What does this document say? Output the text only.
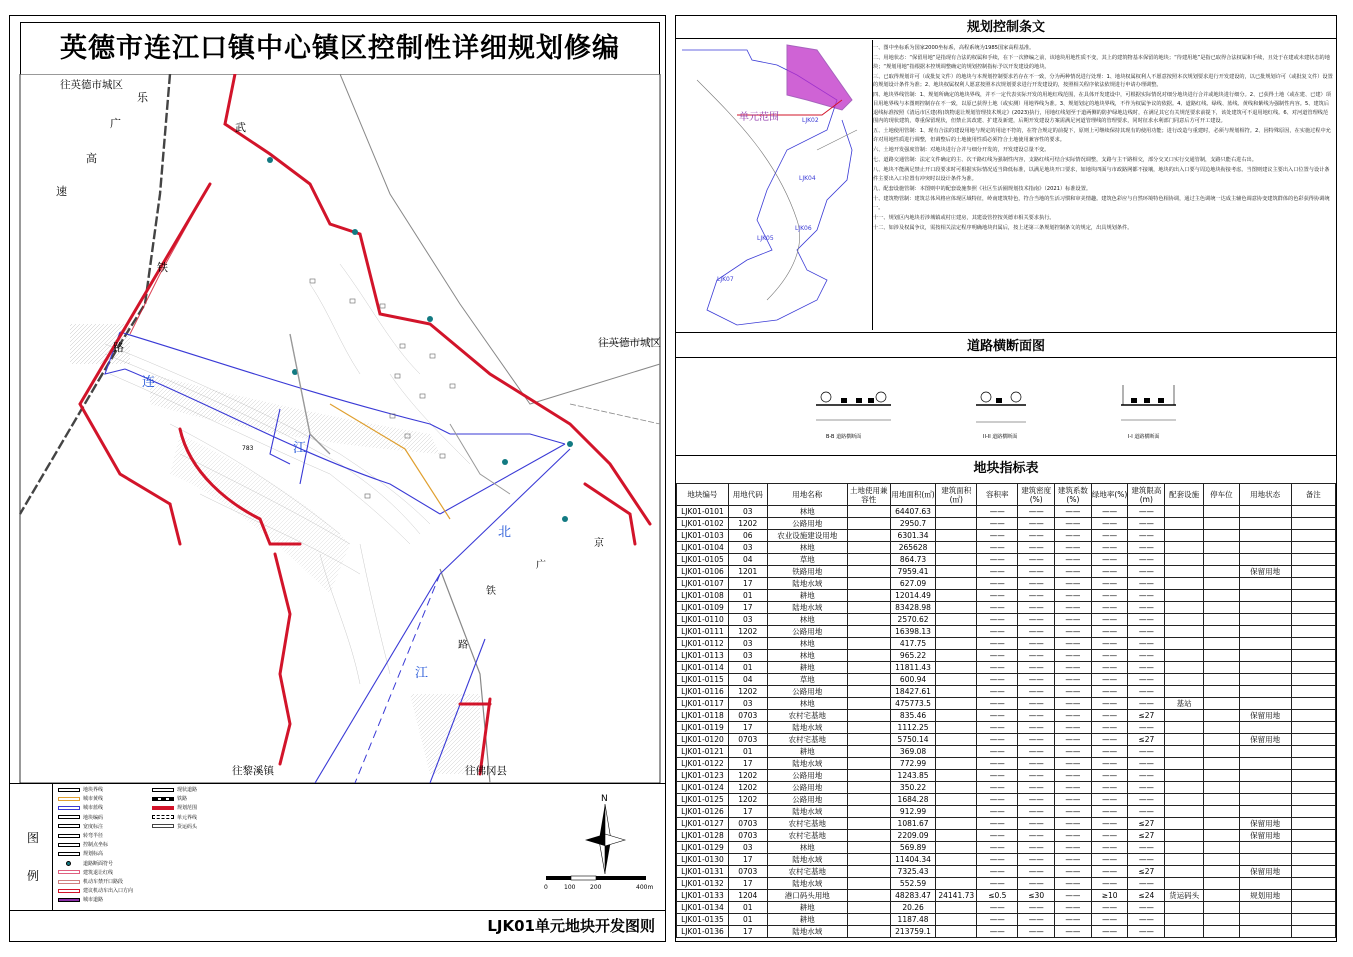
英德市连江口镇中心镇区控制性详细规划修编
往英德市城区
往英德市城区
往黎溪镇	往佛冈县
乐
广
高
速
铁
路
武
连
江
北
江
京
广
铁
路
783
图例
地块界线
城市黄线
城市蓝线
地块编码
宽度标注
转弯半径
控制点坐标
规划标高
道路断面符号
建筑退让红线
机动车禁开口路段
建议机动车出入口方向
城市道路
现状道路
铁路
规划范围
单元界线
货运码头
N
0	100 200	400m
LJK01单元地块开发图则
规划控制条文
单元范围	LJK02
LJK04
LJK05
LJK06
LJK07

一、图中坐标系为国家2000坐标系，高程系统为1985国家高程基准。

二、用地状态：“保留用地”是指现有合法的权属和手续，在下一次修编之前，该地块用地性质不变，其上的建筑物基本保留的地块；“待建用地”是指已取得合法权属和手续，且处于在建或未建状态的地块；“规划用地”指根据本控规调整确定的规划控制指标予以开发建设的地块。

三、已取得规划许可（或批复文件）的地块与本规划控制要求若存在不一致，分为两种情况进行处理：1、地块权属权利人不愿意按照本次规划要求进行开发建设的，以已批规划许可（或批复文件）设置的规划设计条件为准；2、地块权属权利人愿意按照本次规划要求进行开发建设的，按照相关程序依法依规进行申请办理调整。

四、地块界线管制：1、规划所确定的地块界线，并不一定代表实际开发的用地红线范围，在具体开发建设中，可根据实际情况对细分地块进行合并或地块进行细分。2、已获得土地（或在建、已建）项目用地界线与本图则控制存在不一致，以原已获得土地（或实测）用地界线为准。3、规划划定的地块界线，不作为权属争议的依据。4、道路红线、绿线、蓝线、黄线和紫线为强制性内容。5、建筑后退线标准按照《清远市区建(构)筑物退让规划管理技术规定》(2023)执行，用地红线划至于道两侧的防护绿地边线时，在满足其它有关规范要求前提下，该处建筑可不退用地红线。6、对河道管理线范围内的现状建筑，尊重保留现状，但禁止其改建、扩建及新建，后期开发建设方案需满足河道管理线的管理要求，同时征求水利部门同意后方可开工建设。

五、土地使用管制：1、现有合法的建设用地与规定的用途不符的，在符合规定的前提下，原则上可继续保持其现有的使用功能；进行改造与重建时，必须与规划相符。2、因特殊原因，在实施过程中允许对用地性质进行调整，但调整后的土地使用性质必须符合土地使用兼容性的要求。

六、土地开发强度管制：对地块进行合并与细分开发的，开发建设总量不变。

七、道路交通管制：法定文件确定的主、次干路红线为强制性内容，支路红线可结合实际情况调整，支路与主干路相交，部分交叉口实行交通管制，支路只能右进右出。

八、地块不能满足禁止开口段要求时可根据实际情况适当降低标准，以满足地块开口要求，如地块四面与市政路网都不接壤，地块的出入口要与周边地块衔接考虑。当图则建议主要出入口位置与设计条件主要出入口位置有冲突时以设计条件为准。

九、配套设施管制：本图则中的配套设施参照《社区生活圈规划技术指南》（2021）标准设置。

十、建筑物管制：建筑总体风格应体现区域特征，岭南建筑特色，符合当地的生活习惯和审美情趣。建筑色彩应与自然环境特色相协调，通过主色调统一达成主辅色调意协变建筑群体的色彩获得协调统一。

十一、规划区内地块若涉城镇或村庄建房，其建设管控按英德市相关要求执行。

十二、如涉及权属争议，需按相关法定程序明确地块归属后，按上述第三条规划控制条文的规定，出具规划条件。

道路横断面图
B-B 道路横断面	II-II 道路横断面	I-I 道路横断面
地块指标表
地块编号	用地代码	用地名称	土地使用兼容性	用地面积(㎡)	建筑面积(㎡)	容积率	建筑密度(%)	建筑系数(%)	绿地率(%)	建筑限高(m)	配套设施	停车位	用地状态	备注
LJK01-0101	03	林地		64407.63		——	——	——	——	——				
LJK01-0102	1202	公路用地		2950.7		——	——	——	——	——				
LJK01-0103	06	农业设施建设用地		6301.34		——	——	——	——	——				
LJK01-0104	03	林地		265628		——	——	——	——	——				
LJK01-0105	04	草地		864.73		——	——	——	——	——				
LJK01-0106	1201	铁路用地		7959.41		——	——	——	——	——			保留用地	
LJK01-0107	17	陆地水域		627.09		——	——	——	——	——				
LJK01-0108	01	耕地		12014.49		——	——	——	——	——				
LJK01-0109	17	陆地水域		83428.98		——	——	——	——	——				
LJK01-0110	03	林地		2570.62		——	——	——	——	——				
LJK01-0111	1202	公路用地		16398.13		——	——	——	——	——				
LJK01-0112	03	林地		417.75		——	——	——	——	——				
LJK01-0113	03	林地		965.22		——	——	——	——	——				
LJK01-0114	01	耕地		11811.43		——	——	——	——	——				
LJK01-0115	04	草地		600.94		——	——	——	——	——				
LJK01-0116	1202	公路用地		18427.61		——	——	——	——	——				
LJK01-0117	03	林地		475773.5		——	——	——	——	——	基站			
LJK01-0118	0703	农村宅基地		835.46		——	——	——	——	≤27			保留用地	
LJK01-0119	17	陆地水域		1112.25		——	——	——	——	——				
LJK01-0120	0703	农村宅基地		5750.14		——	——	——	——	≤27			保留用地	
LJK01-0121	01	耕地		369.08		——	——	——	——	——				
LJK01-0122	17	陆地水域		772.99		——	——	——	——	——				
LJK01-0123	1202	公路用地		1243.85		——	——	——	——	——				
LJK01-0124	1202	公路用地		350.22		——	——	——	——	——				
LJK01-0125	1202	公路用地		1684.28		——	——	——	——	——				
LJK01-0126	17	陆地水域		912.99		——	——	——	——	——				
LJK01-0127	0703	农村宅基地		1081.67		——	——	——	——	≤27			保留用地	
LJK01-0128	0703	农村宅基地		2209.09		——	——	——	——	≤27			保留用地	
LJK01-0129	03	林地		569.89		——	——	——	——	——				
LJK01-0130	17	陆地水域		11404.34		——	——	——	——	——				
LJK01-0131	0703	农村宅基地		7325.43		——	——	——	——	≤27			保留用地	
LJK01-0132	17	陆地水域		552.59		——	——	——	——	——				
LJK01-0133	1204	港口码头用地		48283.47	24141.73	≤0.5	≤30	——	≥10	≤24	货运码头		规划用地	
LJK01-0134	01	耕地		20.26		——	——	——	——	——				
LJK01-0135	01	耕地		1187.48		——	——	——	——	——				
LJK01-0136	17	陆地水域		213759.1		——	——	——	——	——				
